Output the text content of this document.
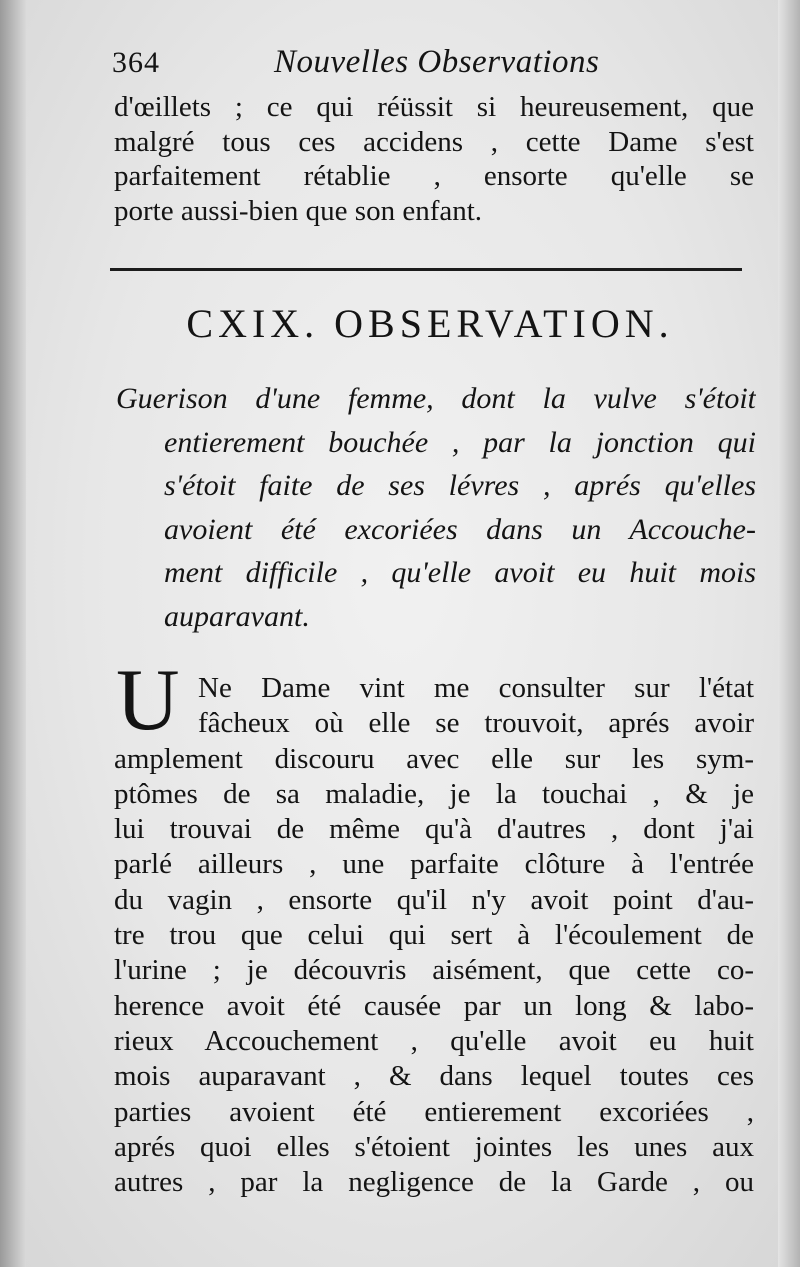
364	Nouvelles Observations
d'œillets ; ce qui réüssit si heureusement, que
malgré tous ces accidens , cette Dame s'est
parfaitement rétablie , ensorte qu'elle se
porte aussi-bien que son enfant.
CXIX. OBSERVATION.
Guerison d'une femme, dont la vulve s'étoit
entierement bouchée , par la jonction qui
s'étoit faite de ses lévres , aprés qu'elles
avoient été excoriées dans un Accouche-
ment difficile , qu'elle avoit eu huit mois
auparavant.
U Ne Dame vint me consulter sur l'état
fâcheux où elle se trouvoit, aprés avoir
amplement discouru avec elle sur les sym-
ptômes de sa maladie, je la touchai , & je
lui trouvai de même qu'à d'autres , dont j'ai
parlé ailleurs , une parfaite clôture à l'entrée
du vagin , ensorte qu'il n'y avoit point d'au-
tre trou que celui qui sert à l'écoulement de
l'urine ; je découvris aisément, que cette co-
herence avoit été causée par un long & labo-
rieux Accouchement , qu'elle avoit eu huit
mois auparavant , & dans lequel toutes ces
parties avoient été entierement excoriées ,
aprés quoi elles s'étoient jointes les unes aux
autres , par la negligence de la Garde , ou
